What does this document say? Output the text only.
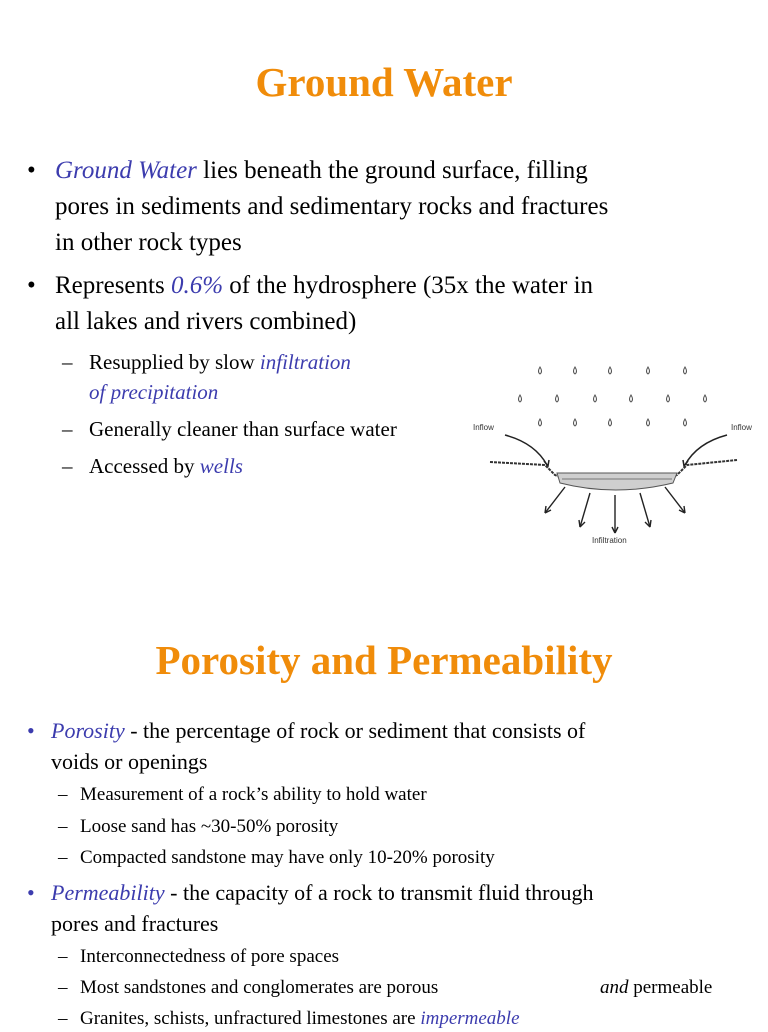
Ground Water
• Ground Water lies beneath the ground surface, filling
pores in sediments and sedimentary rocks and fractures
in other rock types
• Represents 0.6% of the hydrosphere (35x the water in
all lakes and rivers combined)
– Resupplied by slow infiltration
of precipitation
– Generally cleaner than surface water
– Accessed by wells
Inflow	Inflow
Infiltration
Porosity and Permeability
• Porosity - the percentage of rock or sediment that consists of
voids or openings
– Measurement of a rock’s ability to hold water
– Loose sand has ~30-50% porosity
– Compacted sandstone may have only 10-20% porosity
• Permeability - the capacity of a rock to transmit fluid through
pores and fractures
– Interconnectedness of pore spaces
– Most sandstones and conglomerates are porous	and permeable
– Granites, schists, unfractured limestones are impermeable
